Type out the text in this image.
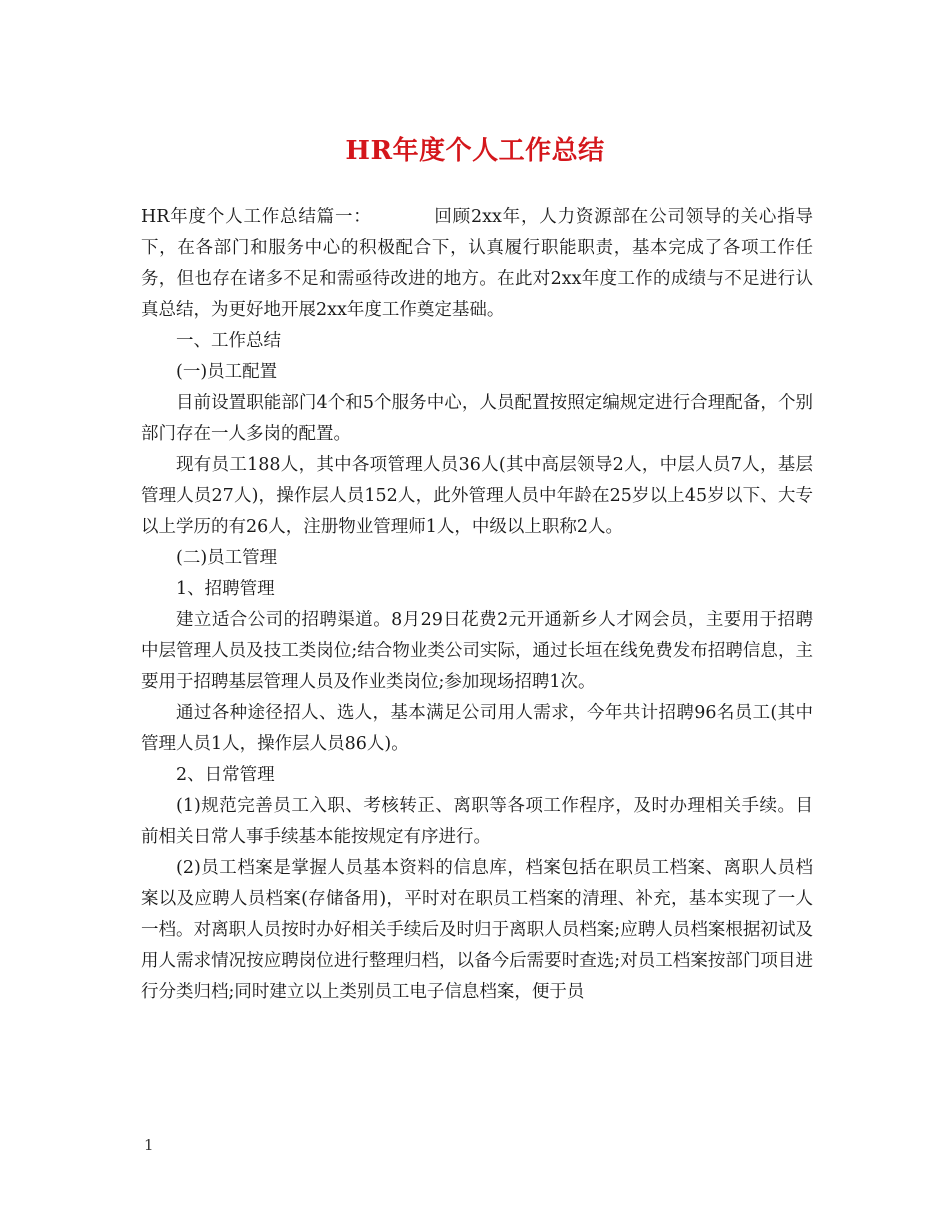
HR年度个人工作总结

HR年度个人工作总结篇一：	回顾2xx年，人力资源部在公司领导的关心指导下，在各部门和服务中心的积极配合下，认真履行职能职责，基本完成了各项工作任务，但也存在诸多不足和需亟待改进的地方。在此对2xx年度工作的成绩与不足进行认真总结，为更好地开展2xx年度工作奠定基础。

一、工作总结

(一)员工配置

目前设置职能部门4个和5个服务中心，人员配置按照定编规定进行合理配备，个别部门存在一人多岗的配置。

现有员工188人，其中各项管理人员36人(其中高层领导2人，中层人员7人，基层管理人员27人)，操作层人员152人，此外管理人员中年龄在25岁以上45岁以下、大专以上学历的有26人，注册物业管理师1人，中级以上职称2人。

(二)员工管理

1、招聘管理

建立适合公司的招聘渠道。8月29日花费2元开通新乡人才网会员，主要用于招聘中层管理人员及技工类岗位;结合物业类公司实际，通过长垣在线免费发布招聘信息，主要用于招聘基层管理人员及作业类岗位;参加现场招聘1次。

通过各种途径招人、选人，基本满足公司用人需求，今年共计招聘96名员工(其中管理人员1人，操作层人员86人)。

2、日常管理

(1)规范完善员工入职、考核转正、离职等各项工作程序，及时办理相关手续。目前相关日常人事手续基本能按规定有序进行。

(2)员工档案是掌握人员基本资料的信息库，档案包括在职员工档案、离职人员档案以及应聘人员档案(存储备用)，平时对在职员工档案的清理、补充，基本实现了一人一档。对离职人员按时办好相关手续后及时归于离职人员档案;应聘人员档案根据初试及用人需求情况按应聘岗位进行整理归档，以备今后需要时查选;对员工档案按部门项目进行分类归档;同时建立以上类别员工电子信息档案，便于员

1
